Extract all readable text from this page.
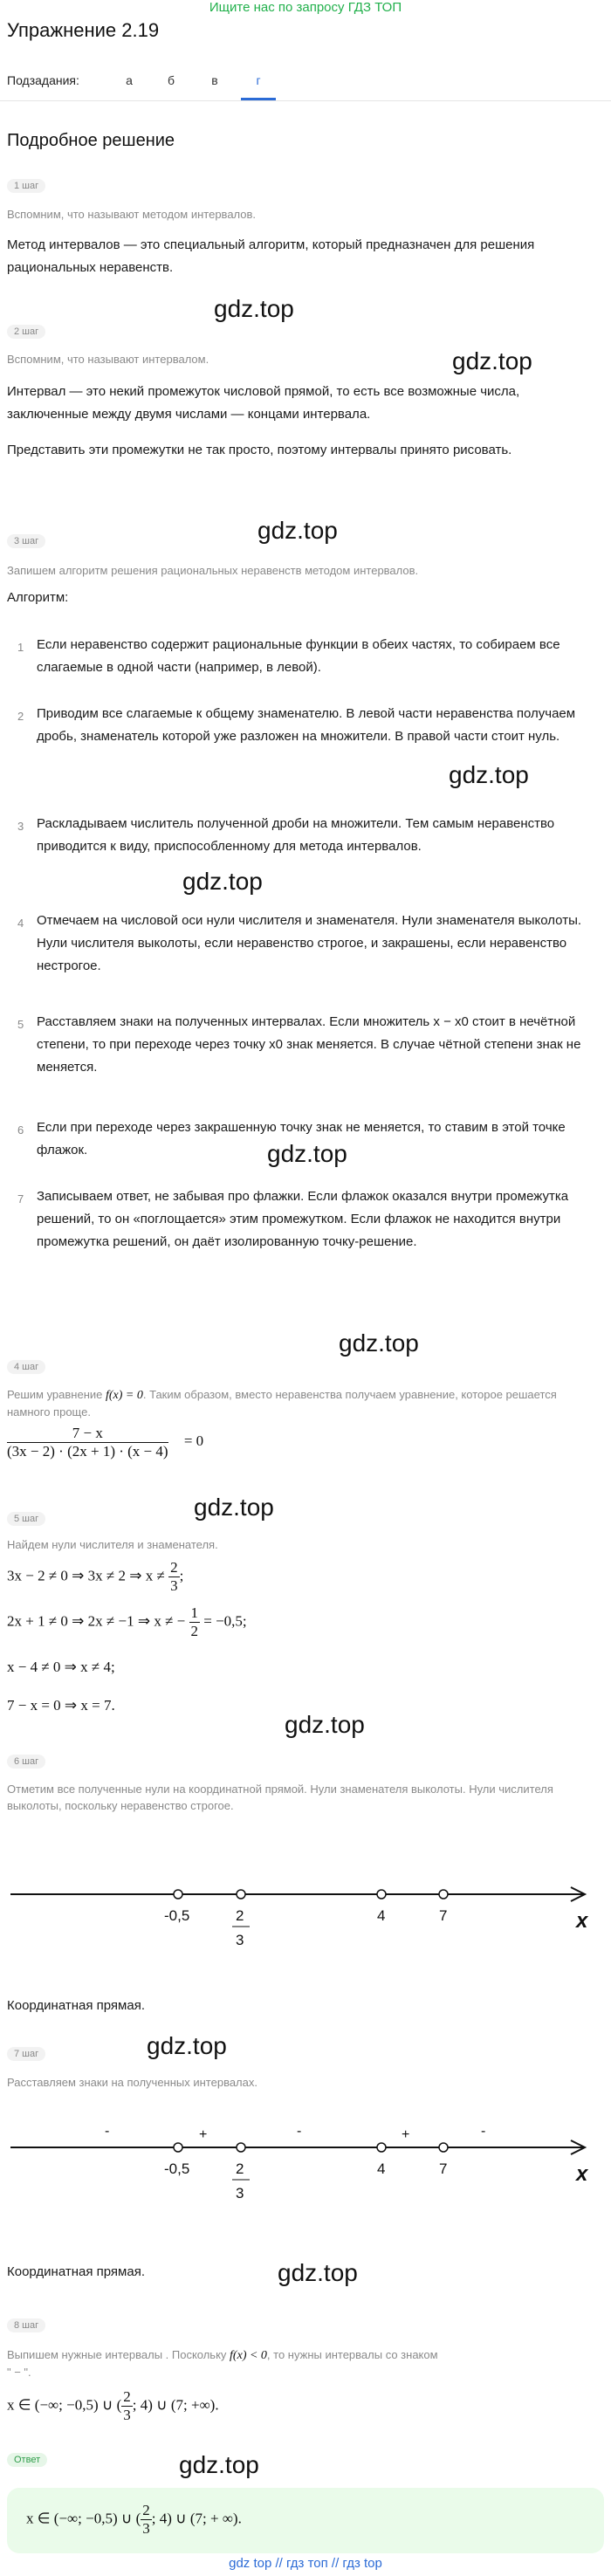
Ищите нас по запросу ГДЗ ТОП
Упражнение 2.19
Подзадания:	а	б	в	г
Подробное решение
1 шаг
Вспомним, что называют методом интервалов.
Метод интервалов — это специальный алгоритм, который предназначен для решения рациональных неравенств.
gdz.top
2 шаг
Вспомним, что называют интервалом.	gdz.top
Интервал — это некий промежуток числовой прямой, то есть все возможные числа, заключенные между двумя числами — концами интервала.
Представить эти промежутки не так просто, поэтому интервалы принято рисовать.
gdz.top
3 шаг
Запишем алгоритм решения рациональных неравенств методом интервалов.
Алгоритм:
1 Если неравенство содержит рациональные функции в обеих частях, то собираем все слагаемые в одной части (например, в левой).
2 Приводим все слагаемые к общему знаменателю. В левой части неравенства получаем дробь, знаменатель которой уже разложен на множители. В правой части стоит нуль.
gdz.top
3 Раскладываем числитель полученной дроби на множители. Тем самым неравенство приводится к виду, приспособленному для метода интервалов.
gdz.top
4 Отмечаем на числовой оси нули числителя и знаменателя. Нули знаменателя выколоты. Нули числителя выколоты, если неравенство строгое, и закрашены, если неравенство нестрогое.
5 Расставляем знаки на полученных интервалах. Если множитель x − x0 стоит в нечётной степени, то при переходе через точку x0 знак меняется. В случае чётной степени знак не меняется.
6 Если при переходе через закрашенную точку знак не меняется, то ставим в этой точке флажок.	gdz.top
7 Записываем ответ, не забывая про флажки. Если флажок оказался внутри промежутка решений, то он «поглощается» этим промежутком. Если флажок не находится внутри промежутка решений, он даёт изолированную точку-решение.
gdz.top
4 шаг
Решим уравнение f(x) = 0. Таким образом, вместо неравенства получаем уравнение, которое решается намного проще.
$\frac{7 - x}{(3x - 2) \cdot (2x + 1) \cdot (x - 4)} = 0$
gdz.top
5 шаг
Найдем нули числителя и знаменателя.
3x − 2 ≠ 0 ⇒ 3x ≠ 2 ⇒ $x \ne \frac{2}{3}$ ;
2x + 1 ≠ 0 ⇒ 2x ≠ −1 ⇒ x ≠ − $\frac{1}{2} = -0,5$;
x − 4 ≠ 0 ⇒ x ≠ 4;
7 − x = 0 ⇒ x = 7.
gdz.top
6 шаг
Отметим все полученные нули на координатной прямой. Нули знаменателя выколоты. Нули числителя выколоты, поскольку неравенство строгое.
-0,5	2
3
4	7	x
Координатная прямая.
gdz.top
7 шаг
Расставляем знаки на полученных интервалах.
-	+	-	+	-
-0,5	2
3
4	7	x
Координатная прямая.	gdz.top
8 шаг
Выпишем нужные интервалы . Поскольку f(x) < 0, то нужны интервалы со знаком
" − ".
x ∈ (−∞; −0,5) ∪ ( $\frac{2}{3}$ ; 4) ∪ (7; +∞).
Ответ	gdz.top
x ∈ (−∞; −0,5) ∪ ( $\frac{2}{3}$ ; 4) ∪ (7; + ∞).
gdz top // гдз топ // гдз top
